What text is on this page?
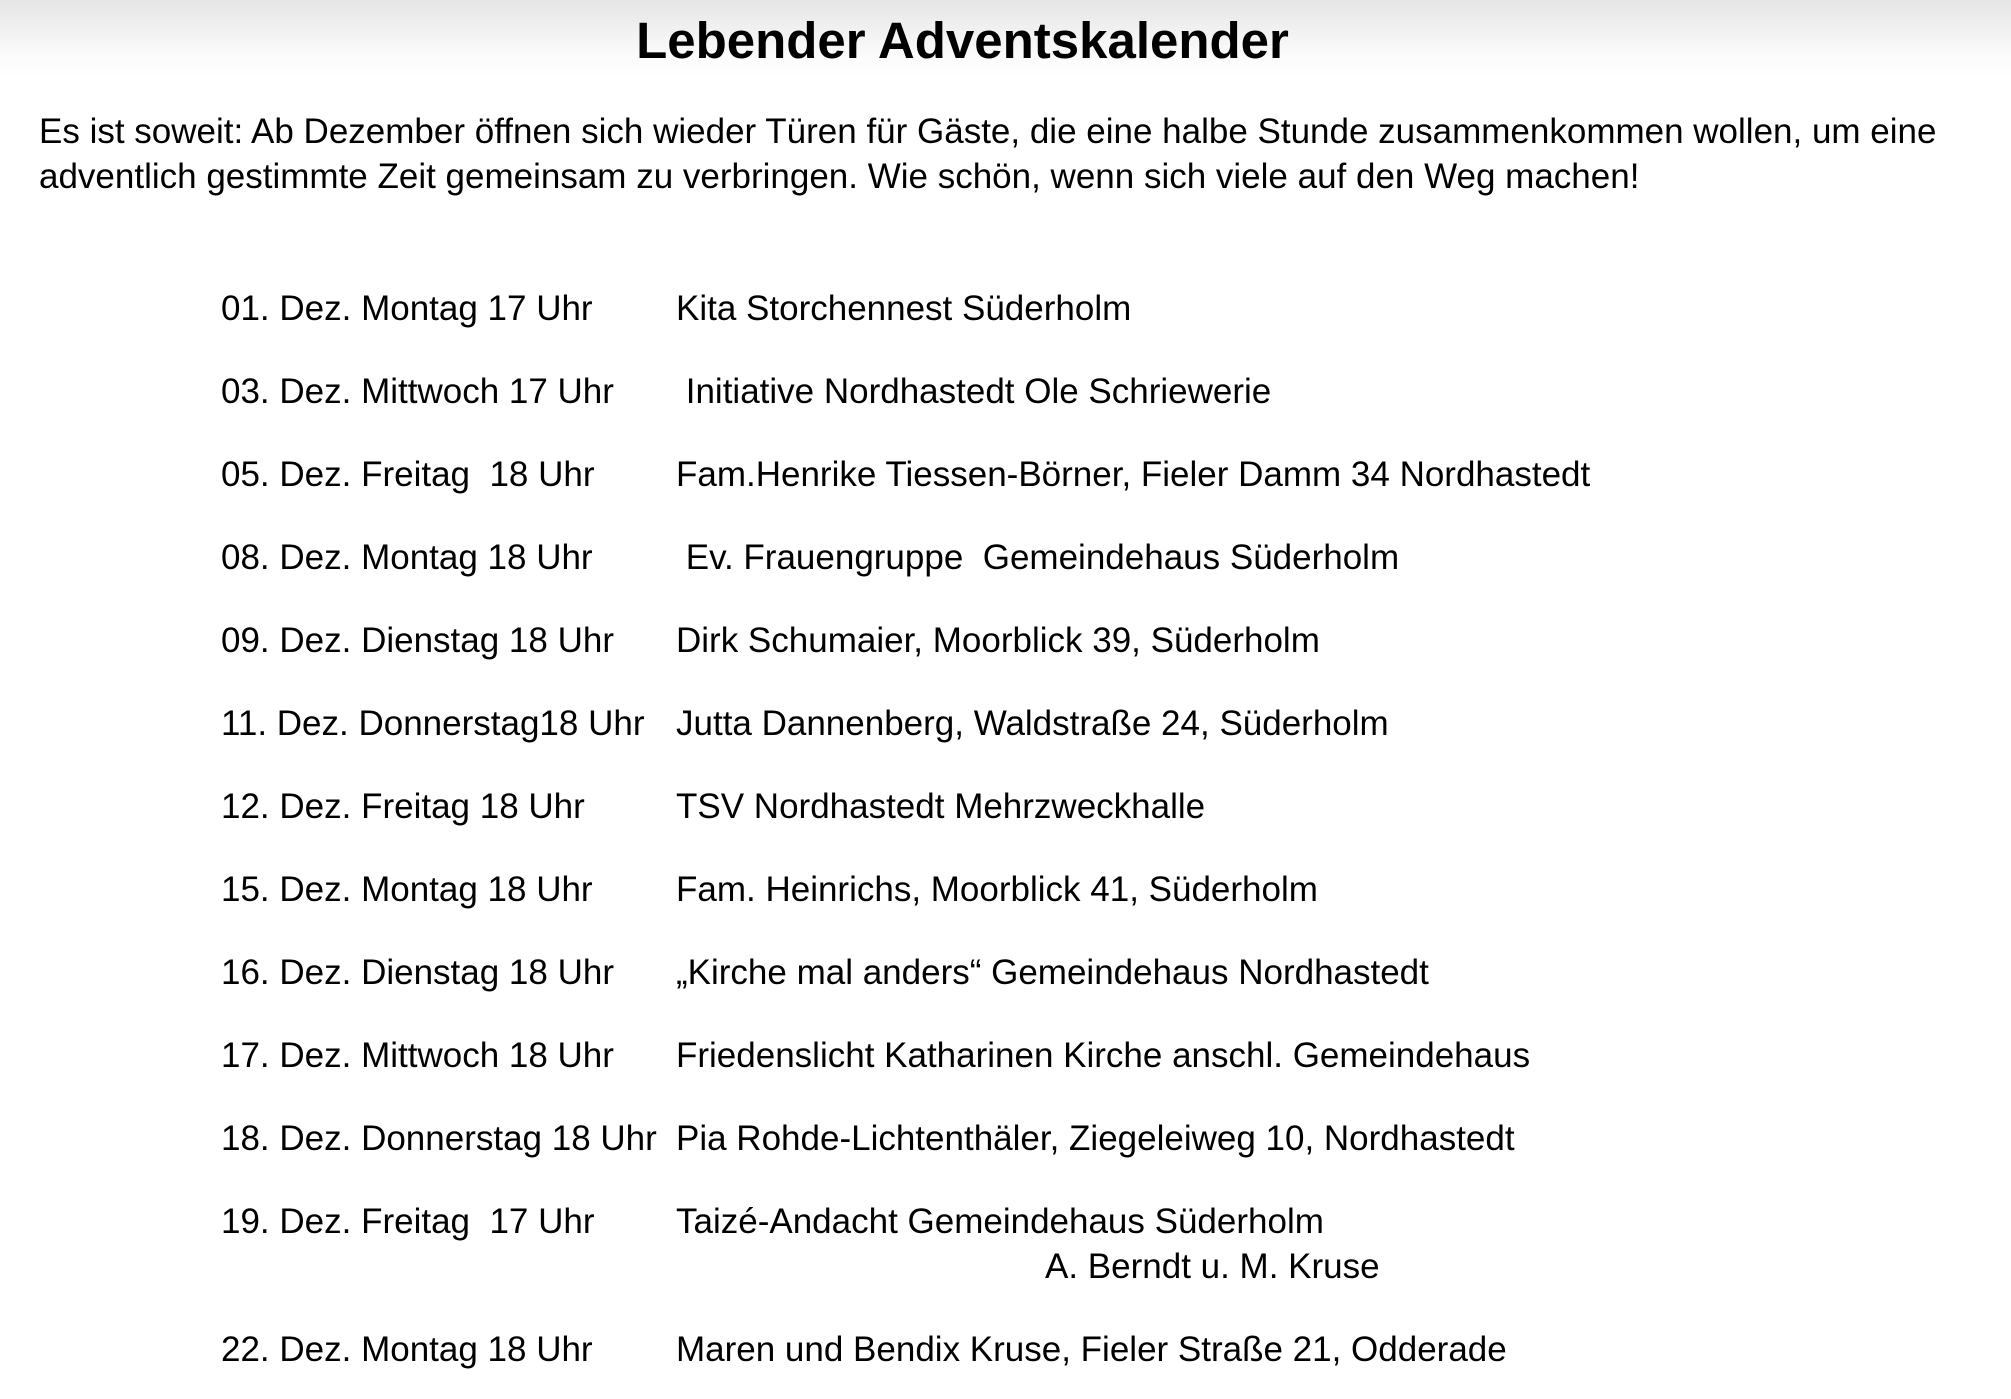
Lebender Adventskalender
Es ist soweit: Ab Dezember öffnen sich wieder Türen für Gäste, die eine halbe Stunde zusammenkommen wollen, um eine
adventlich gestimmte Zeit gemeinsam zu verbringen. Wie schön, wenn sich viele auf den Weg machen!
01. Dez. Montag 17 Uhr	Kita Storchennest Süderholm
03. Dez. Mittwoch 17 Uhr	Initiative Nordhastedt Ole Schriewerie
05. Dez. Freitag  18 Uhr	Fam.Henrike Tiessen-Börner, Fieler Damm 34 Nordhastedt
08. Dez. Montag 18 Uhr	Ev. Frauengruppe  Gemeindehaus Süderholm
09. Dez. Dienstag 18 Uhr	Dirk Schumaier, Moorblick 39, Süderholm
11. Dez. Donnerstag18 Uhr Jutta Dannenberg, Waldstraße 24, Süderholm
12. Dez. Freitag 18 Uhr	TSV Nordhastedt Mehrzweckhalle
15. Dez. Montag 18 Uhr	Fam. Heinrichs, Moorblick 41, Süderholm
16. Dez. Dienstag 18 Uhr	„Kirche mal anders“ Gemeindehaus Nordhastedt
17. Dez. Mittwoch 18 Uhr	Friedenslicht Katharinen Kirche anschl. Gemeindehaus
18. Dez. Donnerstag 18 Uhr Pia Rohde-Lichtenthäler, Ziegeleiweg 10, Nordhastedt
19. Dez. Freitag  17 Uhr	Taizé-Andacht Gemeindehaus Süderholm
A. Berndt u. M. Kruse
22. Dez. Montag 18 Uhr	Maren und Bendix Kruse, Fieler Straße 21, Odderade
